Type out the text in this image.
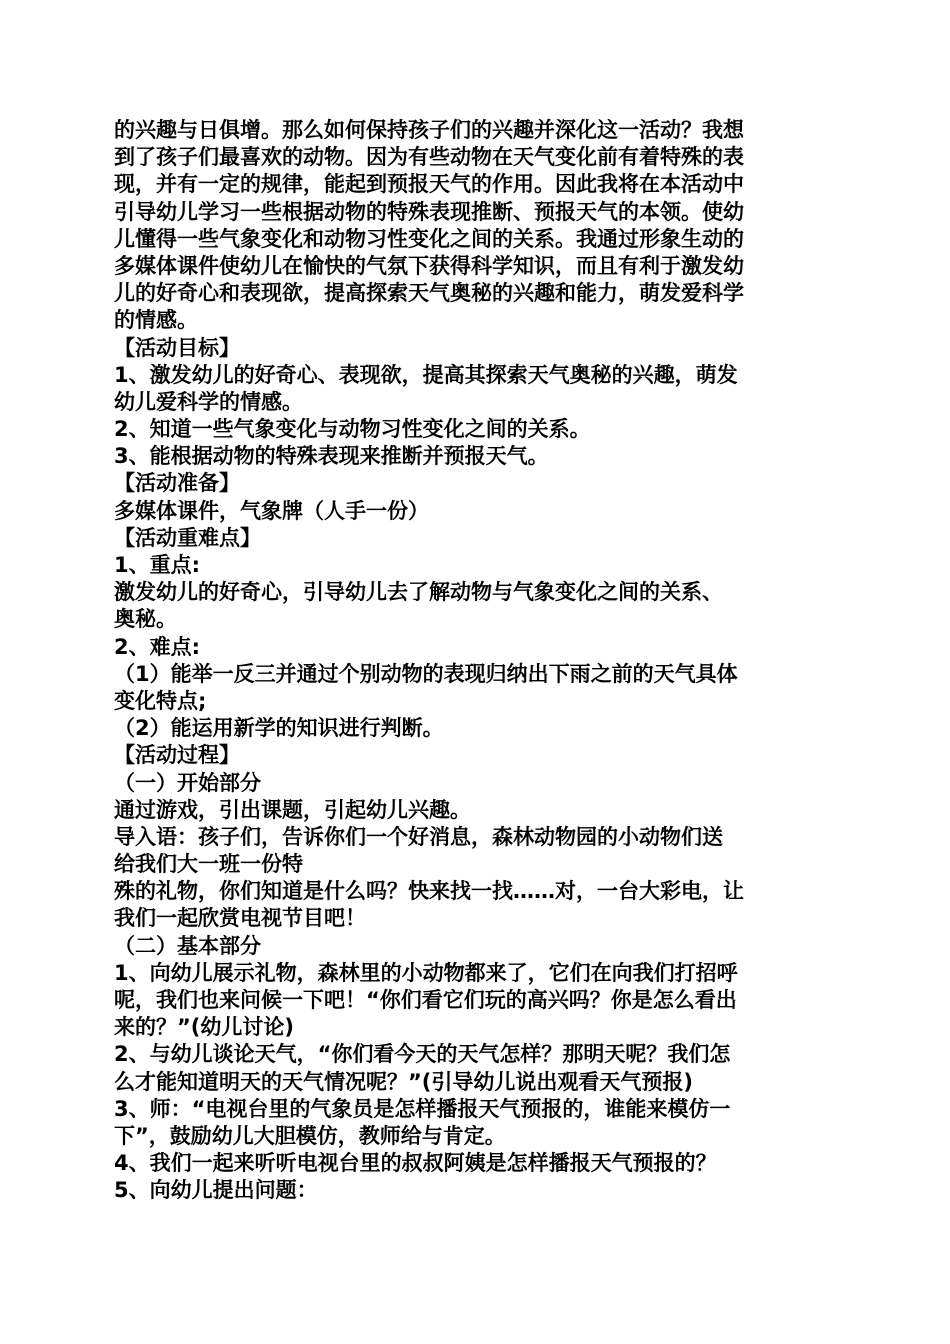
的兴趣与日俱增。那么如何保持孩子们的兴趣并深化这一活动？我想
到了孩子们最喜欢的动物。因为有些动物在天气变化前有着特殊的表
现，并有一定的规律，能起到预报天气的作用。因此我将在本活动中
引导幼儿学习一些根据动物的特殊表现推断、预报天气的本领。使幼
儿懂得一些气象变化和动物习性变化之间的关系。我通过形象生动的
多媒体课件使幼儿在愉快的气氛下获得科学知识，而且有利于激发幼
儿的好奇心和表现欲，提高探索天气奥秘的兴趣和能力，萌发爱科学
的情感。
【活动目标】
1、激发幼儿的好奇心、表现欲，提高其探索天气奥秘的兴趣，萌发
幼儿爱科学的情感。
2、知道一些气象变化与动物习性变化之间的关系。
3、能根据动物的特殊表现来推断并预报天气。
【活动准备】
多媒体课件，气象牌（人手一份）
【活动重难点】
1、重点:
激发幼儿的好奇心，引导幼儿去了解动物与气象变化之间的关系、
奥秘。
2、难点:
（1）能举一反三并通过个别动物的表现归纳出下雨之前的天气具体
变化特点;
（2）能运用新学的知识进行判断。
【活动过程】
（一）开始部分
通过游戏，引出课题，引起幼儿兴趣。
导入语：孩子们，告诉你们一个好消息，森林动物园的小动物们送
给我们大一班一份特
殊的礼物，你们知道是什么吗？快来找一找……对，一台大彩电，让
我们一起欣赏电视节目吧！
（二）基本部分
1、向幼儿展示礼物，森林里的小动物都来了，它们在向我们打招呼
呢，我们也来问候一下吧！“你们看它们玩的高兴吗？你是怎么看出
来的？”(幼儿讨论)
2、与幼儿谈论天气，“你们看今天的天气怎样？那明天呢？我们怎
么才能知道明天的天气情况呢？”(引导幼儿说出观看天气预报)
3、师：“电视台里的气象员是怎样播报天气预报的，谁能来模仿一
下”，鼓励幼儿大胆模仿，教师给与肯定。
4、我们一起来听听电视台里的叔叔阿姨是怎样播报天气预报的？
5、向幼儿提出问题：
